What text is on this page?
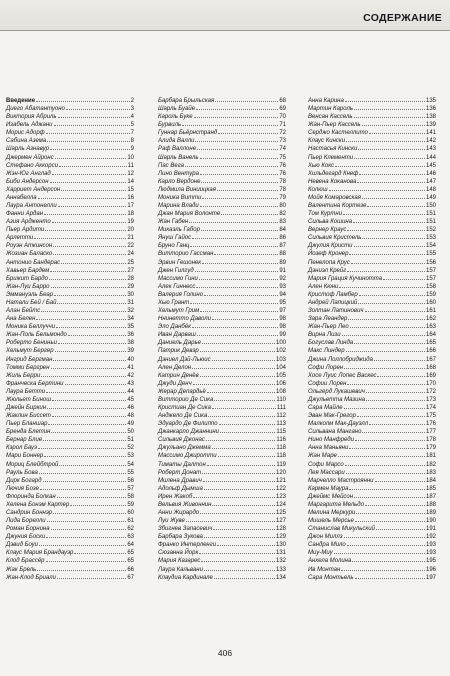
СОДЕРЖАНИЕ
Введение	2
Диего Абатантуоно	3
Виктория Абриль	4
Изабель Аджани	5
Морис Адорф	7
Сабина Азема	8
Шарль Азнавур	9
Джермен Айронс	10
Стефано Аккорси	11
Жэн-Юг Англад	12
Биби Андерсон	14
Харриет Андерсон	15
Аннабелла	16
Лаура Антонелли	17
Фанни Ардан	18
Азия Ардженто	19
Пьер Ардити	20
Арлетти	21
Роуэн Аткинсон	22
Жозиан Баласко	24
Антонио Бандерас	25
Хавьер Бардем	27
Брижит Бардо	28
Жан-Луи Барро	29
Эммануэль Беар	30
Натали Бей / Бай	31
Алан Бейтс	32
Ана Белен	34
Моника Беллуччи	35
Жан-Поль Бельмондо	36
Роберто Бениньи	38
Хельмут Бергер	39
Ингрид Бергман	40
Томми Бергрен	41
Жиль Берри	42
Франческа Бертини	43
Лаура Бетти	44
Жюльет Бинош	45
Джейн Биркин	46
Жаклин Биссет	48
Пьер Бланшар	49
Бренда Блетин	50
Бернар Блие	51
Кэрол Бауэ	52
Мари Боннер	53
Мориц Блейбтрой	54
Рауль Бова	55
Дирк Богард	56
Лючия Бозе	57
Флоринда Болкан	58
Хелена Бонэм Картер	59
Сандрин Боннэр	60
Лида Борелли	61
Роман Борнина	62
Джуния Боски	63
Дэвид Боуи	64
Клаус Мария Брандауэр	65
Клод Брассёр	65
Жак Брель	66
Жан-Клод Бриали	67
Барбара Брыльская	68
Шарль Буайе	69
Кароль Буке	70
Бурвиль	71
Гуннар Бьёрнстранд	72
Алида Валли	73
Раф Валлоне	74
Шарль Ванель	75
Пас Вега	76
Лино Вентура	76
Карло Вердоне	78
Людмила Виниицкая	78
Моника Витти	79
Марина Влади	80
Джан Мария Волонте	82
Жан Габен	83
Микаэль Габор	84
Януш Гайос	86
Бруно Ганц	87
Витторио Гассман	88
Эрвин Гешонек	89
Джен Гилгуд	91
Массимо Гини	92
Алек Гиннесс	93
Валерия Голино	94
Хью Грант	95
Хельмут Грим	97
Ннинетто Даволи	98
Эло Данбёк	98
Иван Дарваш	99
Даниель Дарье	100
Патрик Девэр	102
Дэниел Дэй-Льюис	103
Ален Делон	104
Катрин Денёв	105
Джуди Денч	106
Жерар Депардьё	108
Витторио Де Сика	110
Кристиан Де Сика	111
Анджело Де Сика	112
Эдуардо Де Филиппо	113
Джанкарло Джаннини	115
Сильвия Джонас	116
Джульано Джемма	118
Массимо Джиротти	118
Тиматы Далтон	119
Роберт Донат	120
Милена Дравич	121
Адольф Дымша	122
Ирен Жакоб	123
Вельвия Живоннин	124
Анни Жирардо	125
Луи Жуве	127
Збигнев Запасевич	128
Барбара Зукова	129
Франко Интерленги	130
Сюзанна Йорк	131
Мария Казарес	132
Лаура Кальвани	133
Клаудиа Кардинале	134
Анна Карина	135
Мартин Кароль	136
Венсан Кассель	138
Жан-Пьер Кассель	139
Серджо Кастеллито	141
Клаус Кински	142
Настасья Кински	143
Пьер Клементи	144
Хью Кокс	145
Хильдегард Кнеф	146
Невена Коканова	147
Колюш	148
Мойя Комаровская	149
Валентина Кортезе	150
Том Куртни	151
Сильва Кошина	151
Вернер Краус	152
Сильвия Кристель	153
Джулия Кристи	154
Йозеф Кронер	155
Пенелопа Крус	156
Дэниэл Крейг	157
Мария Грация Кучинотта	157
Ален Кюни	158
Кристоф Ламбер	159
Андрей Лапицкий	160
Золтан Латинович	161
Зара Леандер	162
Жан-Пьер Лео	163
Вирна Лизи	164
Богуслав Линда	165
Макс Линдер	166
Джина Лоллобриджида	167
Софи Лорен	168
Хосе Луис Лопес Васкес	169
Софии Лорен	170
Ольгерд Лукашевич	172
Джульетта Мазина	173
Сара Майле	174
Эван Мак-Грегор	175
Малколм Мак-Дауэлл	176
Сильвана Мангано	177
Нино Манфреди	178
Анна Маньяни	179
Жан Маре	181
Софи Марсо	182
Лея Массари	183
Марчелло Мастроянни	184
Кармен Маура	185
Джеймс Мейсон	187
Маргарита Мельдо	188
Мелина Меркури	189
Мишель Мерсье	190
Станислав Микульский	191
Джон Миллз	192
Сандра Мило	193
Миу-Миу	193
Анхела Молина	195
Ив Монтан	196
Сара Монтьель	197
406
